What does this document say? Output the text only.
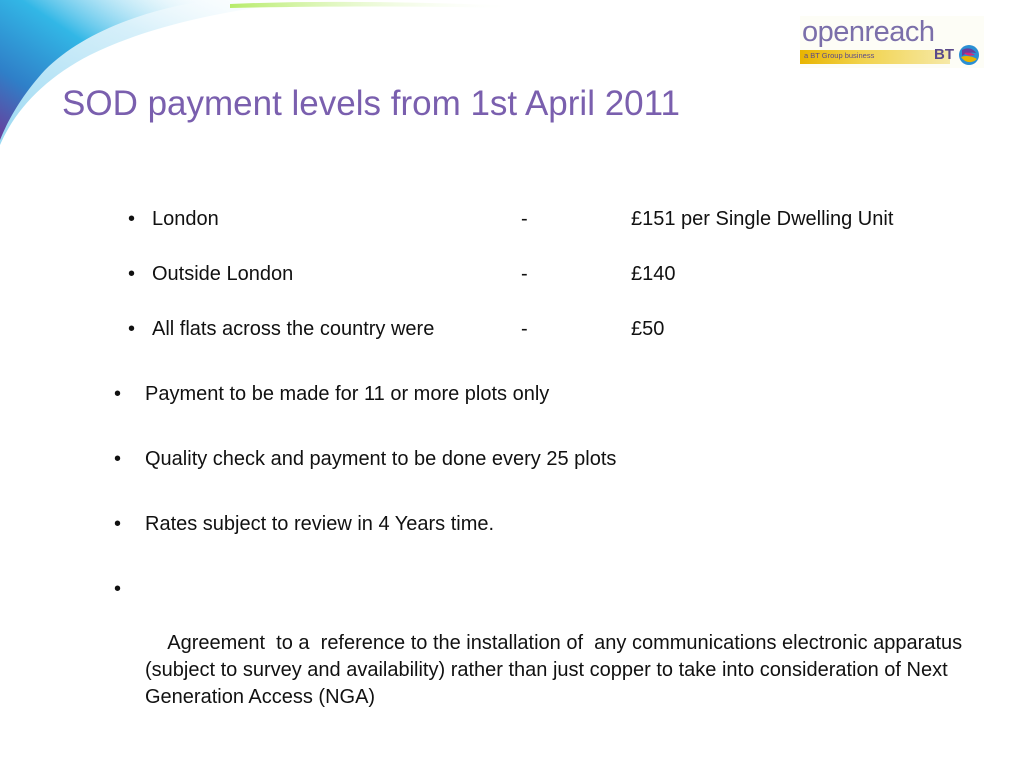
SOD payment levels from 1st April 2011
openreach
a BT Group business	BT
• London	-	£151 per Single Dwelling Unit
• Outside London	-	£140
• All flats across the country were	-	£50
• Payment to be made for 11 or more plots only
• Quality check and payment to be done every 25 plots
• Rates subject to review in 4 Years time.

•

Agreement  to a  reference to the installation of  any communications electronic apparatus (subject to survey and availability) rather than just copper to take into consideration of Next Generation Access (NGA)
